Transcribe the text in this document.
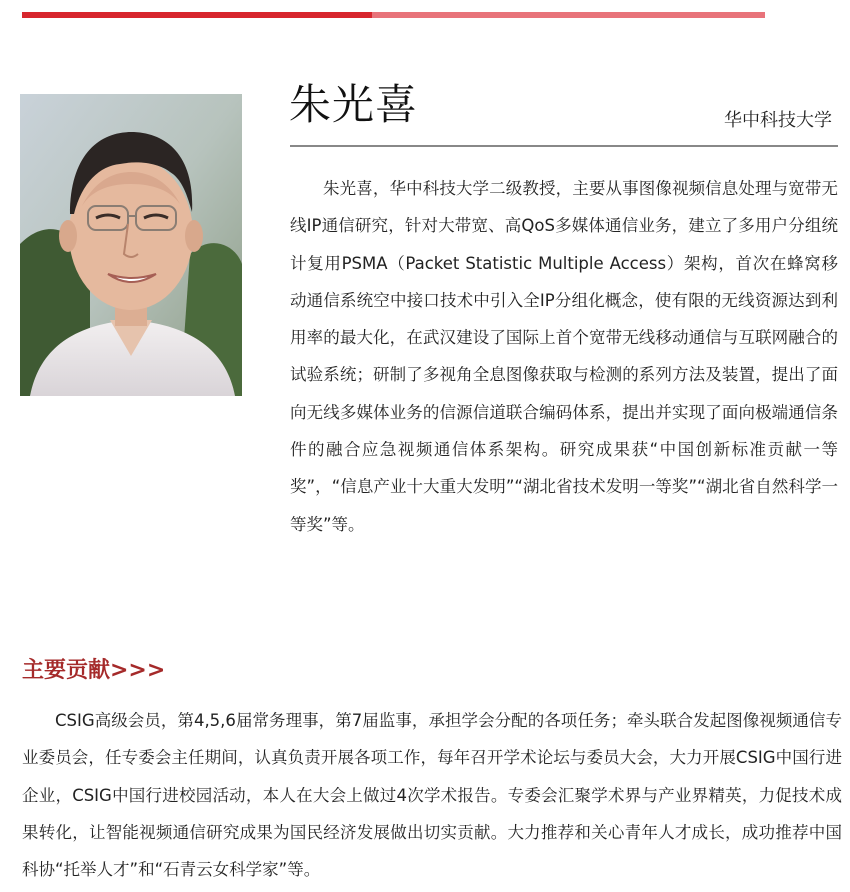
朱光喜	华中科技大学

朱光喜，华中科技大学二级教授，主要从事图像视频信息处理与宽带无线IP通信研究，针对大带宽、高QoS多媒体通信业务，建立了多用户分组统计复用PSMA（Packet Statistic Multiple Access）架构，首次在蜂窝移动通信系统空中接口技术中引入全IP分组化概念，使有限的无线资源达到利用率的最大化，在武汉建设了国际上首个宽带无线移动通信与互联网融合的试验系统；研制了多视角全息图像获取与检测的系列方法及装置，提出了面向无线多媒体业务的信源信道联合编码体系，提出并实现了面向极端通信条件的融合应急视频通信体系架构。研究成果获“中国创新标准贡献一等奖”，“信息产业十大重大发明”“湖北省技术发明一等奖”“湖北省自然科学一等奖”等。

主要贡献>>>

CSIG高级会员，第4,5,6届常务理事，第7届监事，承担学会分配的各项任务；牵头联合发起图像视频通信专业委员会，任专委会主任期间，认真负责开展各项工作，每年召开学术论坛与委员大会，大力开展CSIG中国行进企业，CSIG中国行进校园活动，本人在大会上做过4次学术报告。专委会汇聚学术界与产业界精英，力促技术成果转化，让智能视频通信研究成果为国民经济发展做出切实贡献。大力推荐和关心青年人才成长，成功推荐中国科协“托举人才”和“石青云女科学家”等。
